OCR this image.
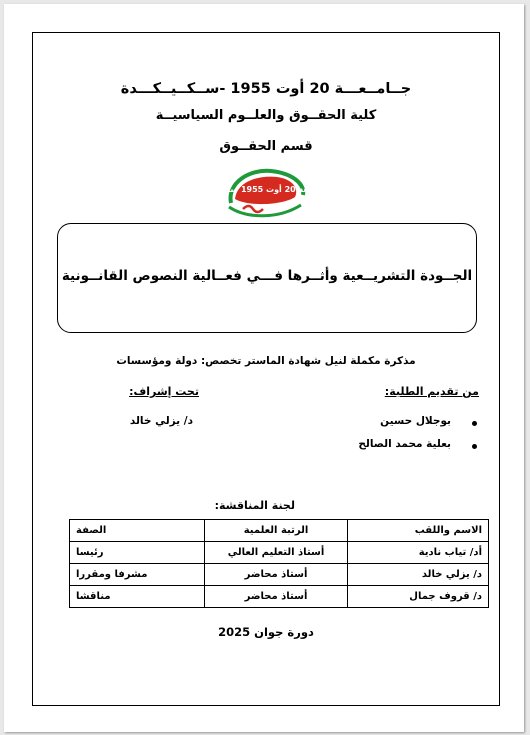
جــامــعـــة 20 أوت 1955 -ســكــيــكـــدة
كلية الحقــوق والعلــوم السياسيــة
قسم الحقــوق
جامعة 20 أوت 1955 سكيكدة
الجــودة التشريــعية وأثــرها فـــي فعــالية النصوص القانــونية
مذكرة مكملة لنيل شهادة الماستر تخصص: دولة ومؤسسات
من تقديم الطلبة:
تحت إشراف:
بوجلال حسين
بعلية محمد الصالح
د/ يزلي خالد
لجنة المناقشة:
الاسم واللقب	الرتبة العلمية	الصفة
أد/ تياب نادية	أستاذ التعليم العالي	رئيسا
د/ يزلي خالد	أستاذ محاضر	مشرفا ومقررا
د/ قروف جمال	أستاذ محاضر	مناقشا
دورة جوان 2025
